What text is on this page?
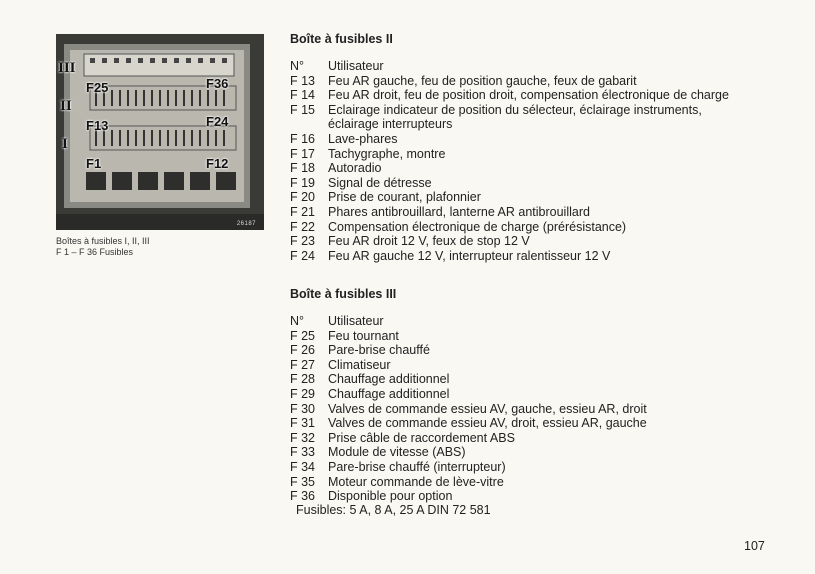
III
II
I
F25	F36
F13	F24
F1	F12
26187
Boîtes à fusibles I, II, III
F 1 – F 36 Fusibles
Boîte à fusibles II
N°	Utilisateur
F 13	Feu AR gauche, feu de position gauche, feux de gabarit
F 14	Feu AR droit, feu de position droit, compensation électronique de charge
F 15	Eclairage indicateur de position du sélecteur, éclairage instruments,
éclairage interrupteurs
F 16	Lave-phares
F 17	Tachygraphe, montre
F 18	Autoradio
F 19	Signal de détresse
F 20	Prise de courant, plafonnier
F 21	Phares antibrouillard, lanterne AR antibrouillard
F 22	Compensation électronique de charge (prérésistance)
F 23	Feu AR droit 12 V, feux de stop 12 V
F 24	Feu AR gauche 12 V, interrupteur ralentisseur 12 V
Boîte à fusibles III
N°	Utilisateur
F 25	Feu tournant
F 26	Pare-brise chauffé
F 27	Climatiseur
F 28	Chauffage additionnel
F 29	Chauffage additionnel
F 30	Valves de commande essieu AV, gauche, essieu AR, droit
F 31	Valves de commande essieu AV, droit, essieu AR, gauche
F 32	Prise câble de raccordement ABS
F 33	Module de vitesse (ABS)
F 34	Pare-brise chauffé (interrupteur)
F 35	Moteur commande de lève-vitre
F 36	Disponible pour option
Fusibles: 5 A, 8 A, 25 A DIN 72 581
107
